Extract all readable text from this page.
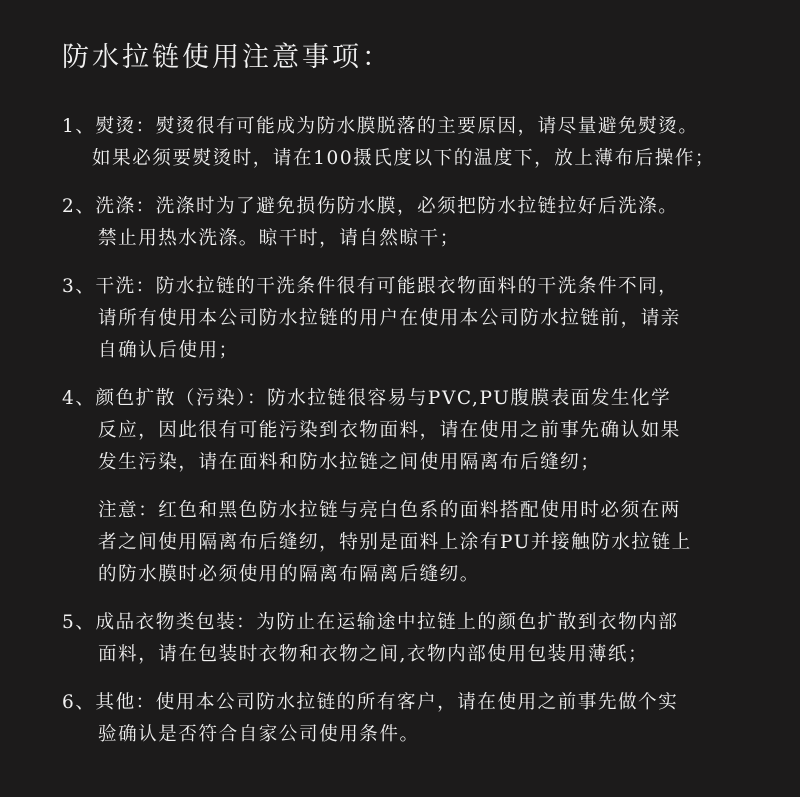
防水拉链使用注意事项：
1、熨烫：熨烫很有可能成为防水膜脱落的主要原因，请尽量避免熨烫。
如果必须要熨烫时，请在100摄氏度以下的温度下，放上薄布后操作；
2、洗涤：洗涤时为了避免损伤防水膜，必须把防水拉链拉好后洗涤。
禁止用热水洗涤。晾干时，请自然晾干；
3、干洗：防水拉链的干洗条件很有可能跟衣物面料的干洗条件不同，
请所有使用本公司防水拉链的用户在使用本公司防水拉链前，请亲
自确认后使用；
4、颜色扩散（污染）：防水拉链很容易与PVC,PU腹膜表面发生化学
反应，因此很有可能污染到衣物面料，请在使用之前事先确认如果
发生污染，请在面料和防水拉链之间使用隔离布后缝纫；
注意：红色和黑色防水拉链与亮白色系的面料搭配使用时必须在两
者之间使用隔离布后缝纫，特别是面料上涂有PU并接触防水拉链上
的防水膜时必须使用的隔离布隔离后缝纫。
5、成品衣物类包装：为防止在运输途中拉链上的颜色扩散到衣物内部
面料，请在包装时衣物和衣物之间,衣物内部使用包装用薄纸；
6、其他：使用本公司防水拉链的所有客户，请在使用之前事先做个实
验确认是否符合自家公司使用条件。
